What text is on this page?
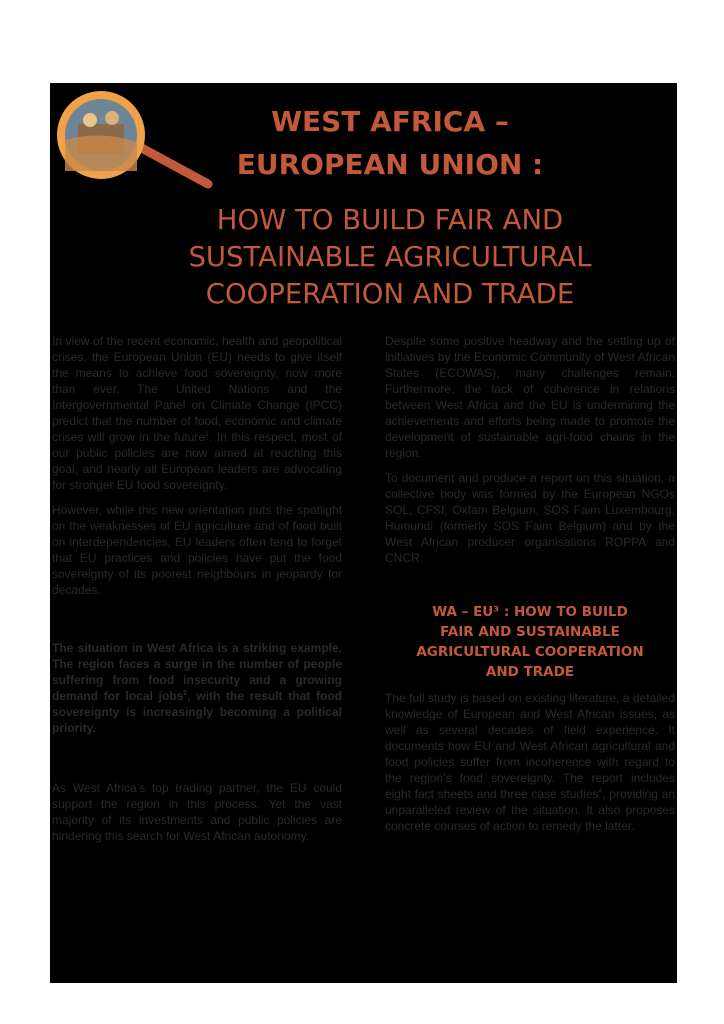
WEST AFRICA –
EUROPEAN UNION :
HOW TO BUILD FAIR AND
SUSTAINABLE AGRICULTURAL
COOPERATION AND TRADE

In view of the recent economic, health and geopolitical crises, the European Union (EU) needs to give itself the means to achieve food sovereignty, now more than ever. The United Nations and the Intergovernmental Panel on Climate Change (IPCC) predict that the number of food, economic and climate crises will grow in the future$^1$. In this respect, most of our public policies are now aimed at reaching this goal, and nearly all European leaders are advocating for stronger EU food sovereignty.

However, while this new orientation puts the spotlight on the weaknesses of EU agriculture and of food built on interdependencies, EU leaders often tend to forget that EU practices and policies have put the food sovereignty of its poorest neighbours in jeopardy for decades.

The situation in West Africa is a striking example. The region faces a surge in the number of people suffering from food insecurity and a growing demand for local jobs$^2$, with the result that food sovereignty is increasingly becoming a political priority.

As West Africa’s top trading partner, the EU could support the region in this process. Yet the vast majority of its investments and public policies are hindering this search for West African autonomy.

Despite some positive headway and the setting up of initiatives by the Economic Community of West African States (ECOWAS), many challenges remain. Furthermore, the lack of coherence in relations between West Africa and the EU is undermining the achievements and efforts being made to promote the development of sustainable agri-food chains in the region.

To document and produce a report on this situation, a collective body was formed by the European NGOs SOL, CFSI, Oxfam Belgium, SOS Faim Luxembourg, Humundi (formerly SOS Faim Belgium) and by the West African producer organisations ROPPA and CNCR.

WA – EU³ : HOW TO BUILD
FAIR AND SUSTAINABLE
AGRICULTURAL COOPERATION
AND TRADE

The full study is based on existing literature, a detailed knowledge of European and West African issues, as well as several decades of field experience. It documents how EU and West African agricultural and food policies suffer from incoherence with regard to the region’s food sovereignty. The report includes eight fact sheets and three case studies$^4$, providing an unparalleled review of the situation. It also proposes concrete courses of action to remedy the latter.
